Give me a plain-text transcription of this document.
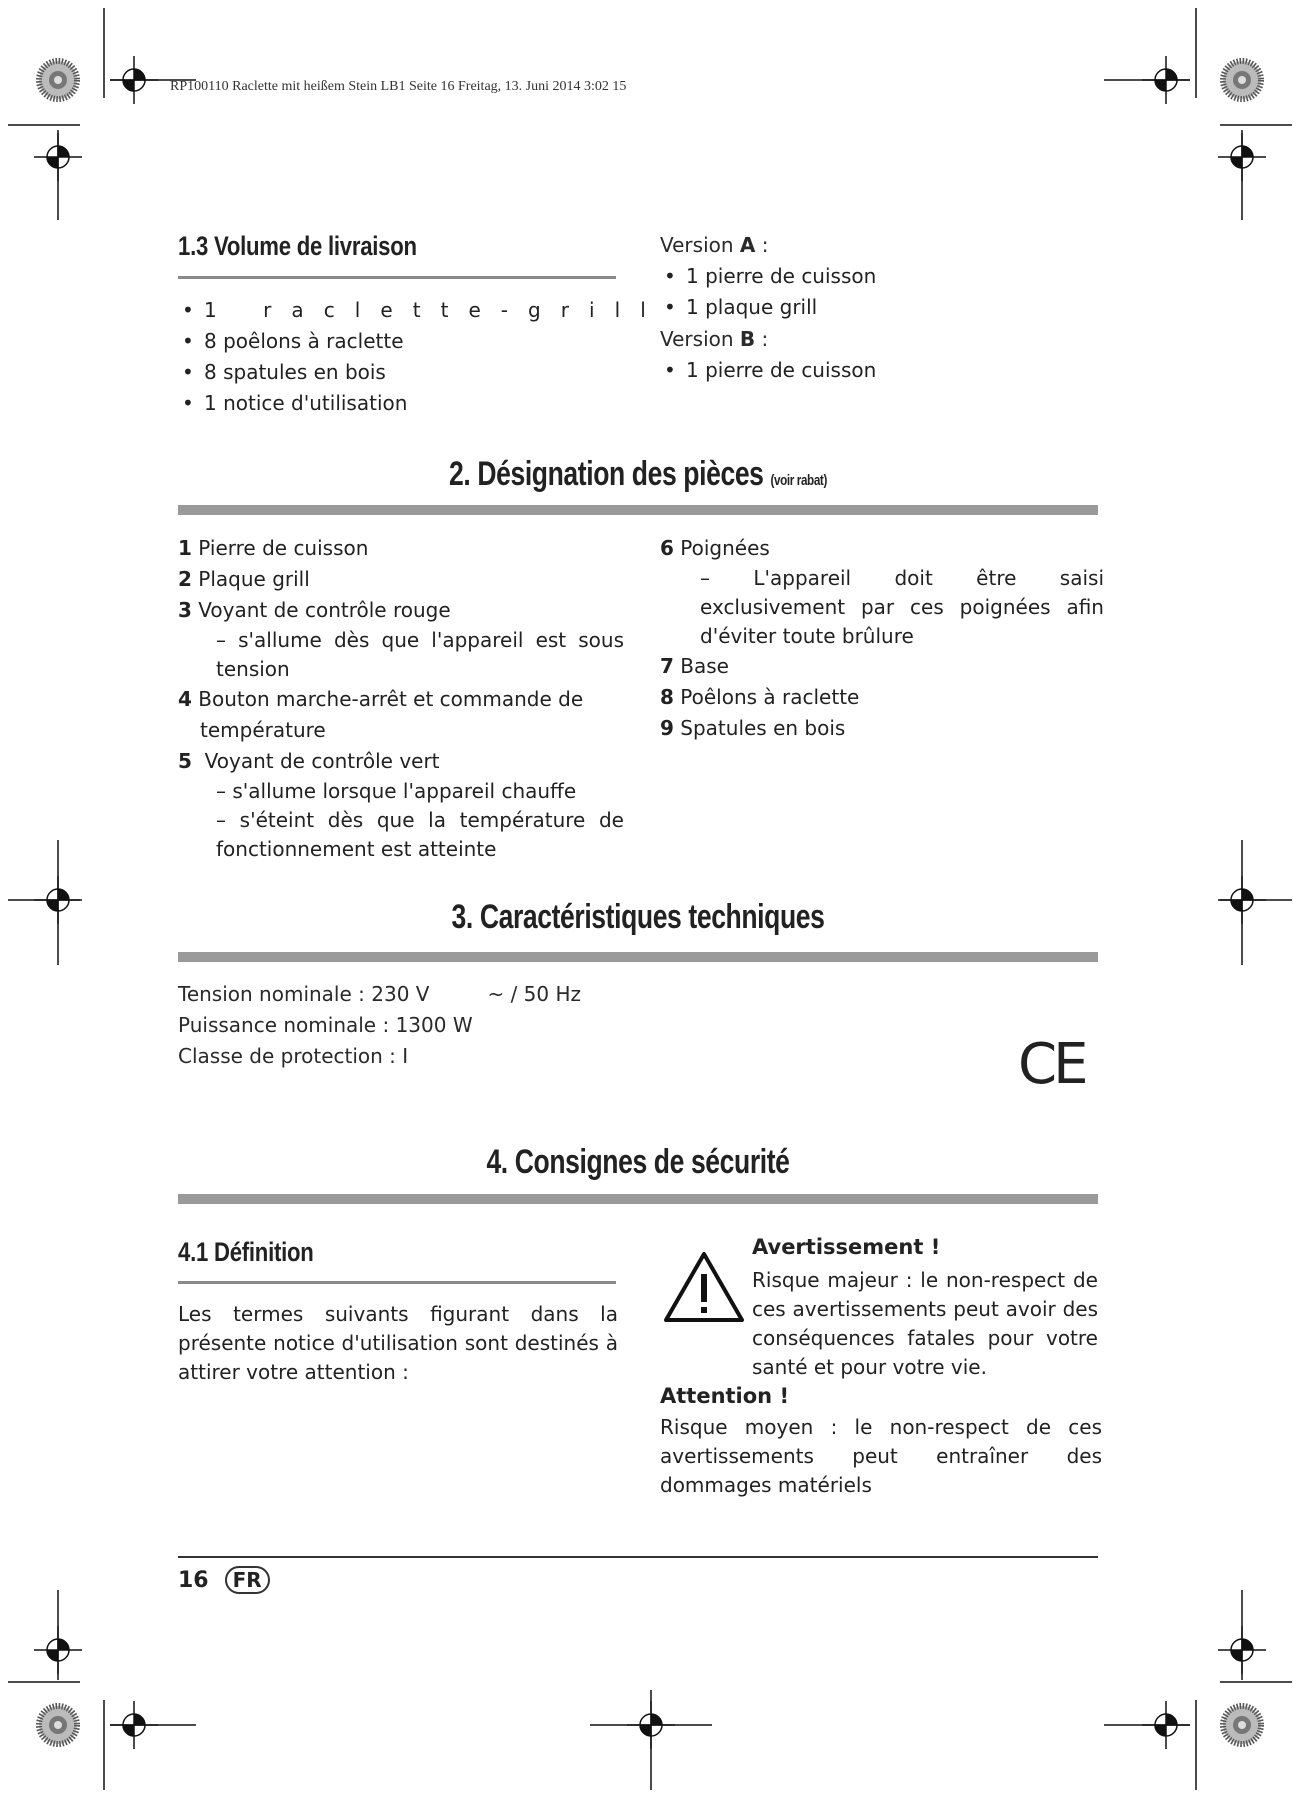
RP100110 Raclette mit heißem Stein LB1 Seite 16 Freitag, 13. Juni 2014 3:02 15
1.3 Volume de livraison
• 1
r a c l e t t e - g r i l l
• 8 poêlons à raclette
• 8 spatules en bois
• 1 notice d'utilisation
Version A :
• 1 pierre de cuisson
• 1 plaque grill
Version B :
• 1 pierre de cuisson
2. Désignation des pièces (voir rabat)
1 Pierre de cuisson
2 Plaque grill
3 Voyant de contrôle rouge
– s'allume dès que l'appareil est sous tension
4 Bouton marche-arrêt et commande de température
5 Voyant de contrôle vert
– s'allume lorsque l'appareil chauffe
– s'éteint dès que la température de fonctionnement est atteinte
6 Poignées
– L'appareil doit être saisi exclusivement par ces poignées afin d'éviter toute brûlure
7 Base
8 Poêlons à raclette
9 Spatules en bois
3. Caractéristiques techniques
Tension nominale : 230 V	~ / 50 Hz
Puissance nominale : 1300 W
Classe de protection : I	CE
4. Consignes de sécurité
4.1 Définition
Les termes suivants figurant dans la présente notice d'utilisation sont destinés à attirer votre attention :
Avertissement !
Risque majeur : le non-respect de ces avertissements peut avoir des conséquences fatales pour votre santé et pour votre vie.
Attention !
Risque moyen : le non-respect de ces avertissements peut entraîner des dommages matériels
16 FR
